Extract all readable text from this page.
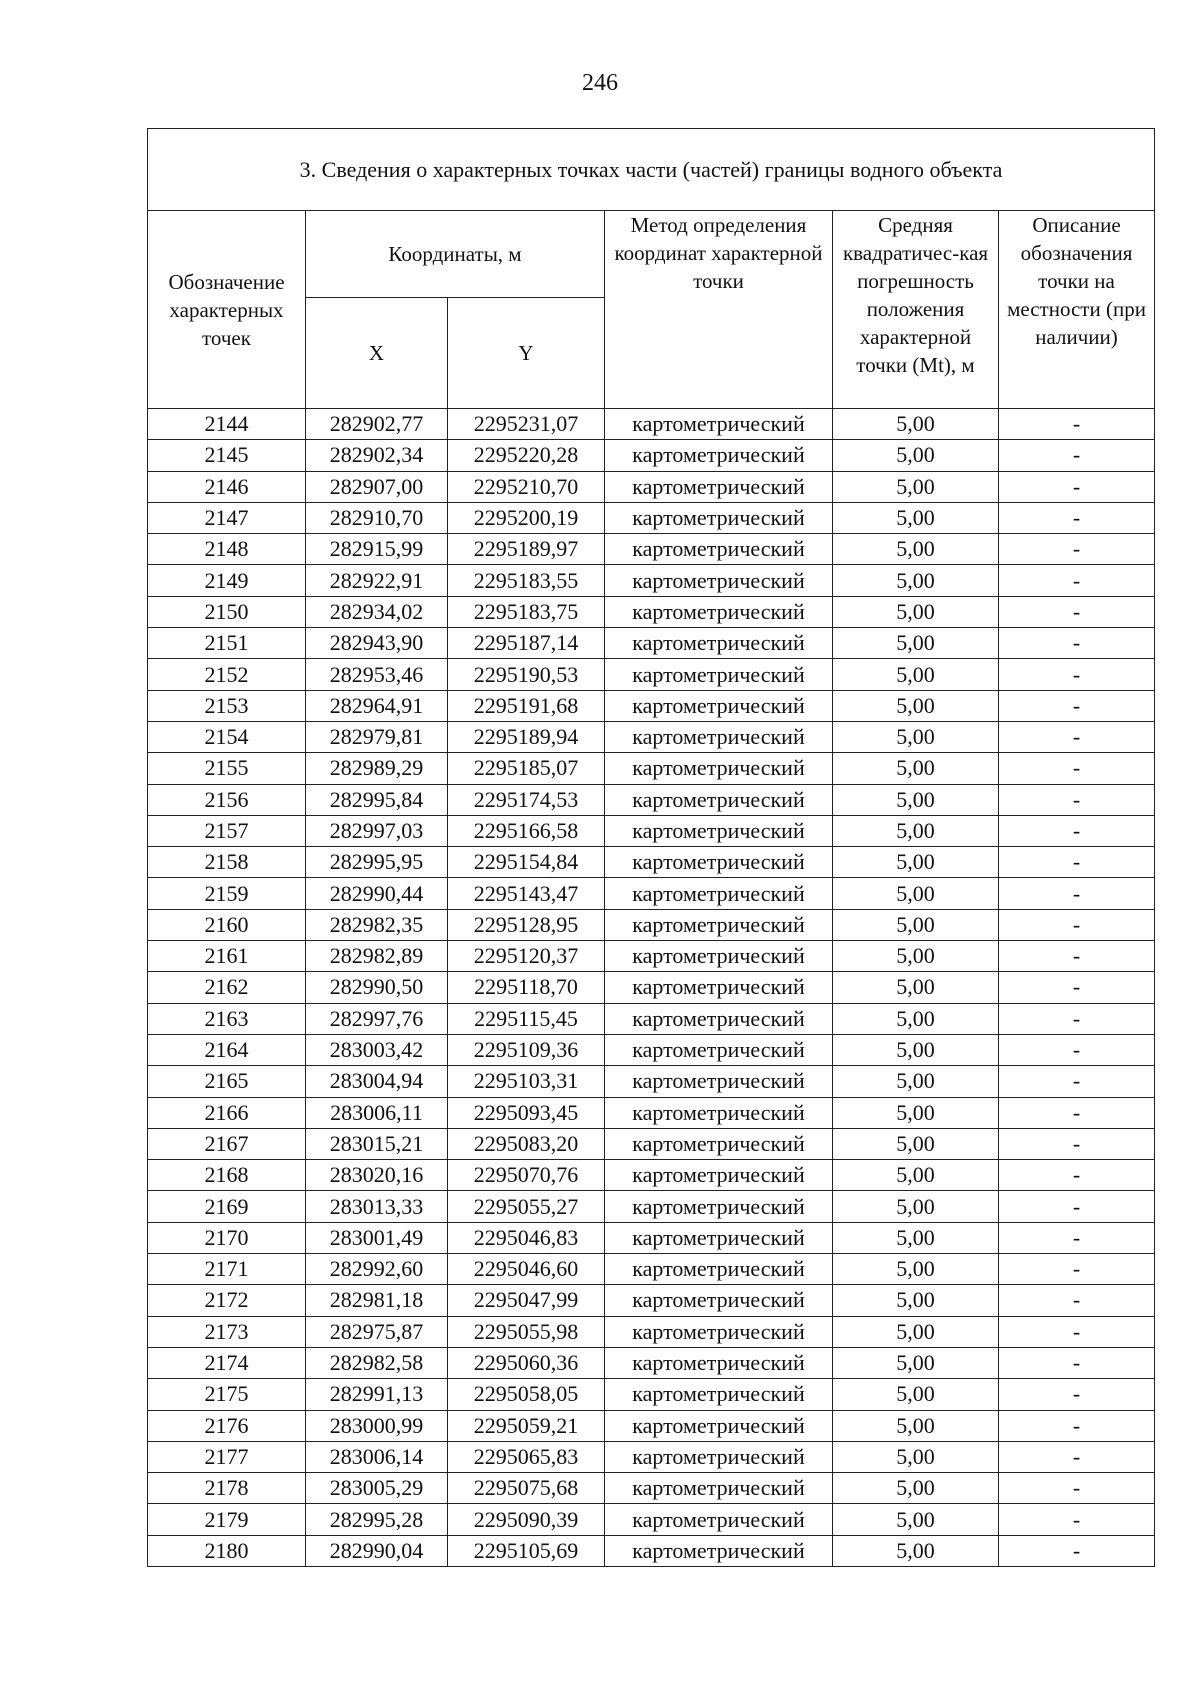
246
3. Сведения о характерных точках части (частей) границы водного объекта					
Обозначение характерных точек	Координаты, м		Метод определения координат характерной точки	Средняя квадратичес-кая погрешность положения характерной точки (Mt), м	Описание обозначения точки на местности (при наличии)
	X	Y			
2144	282902,77	2295231,07	картометрический	5,00	-
2145	282902,34	2295220,28	картометрический	5,00	-
2146	282907,00	2295210,70	картометрический	5,00	-
2147	282910,70	2295200,19	картометрический	5,00	-
2148	282915,99	2295189,97	картометрический	5,00	-
2149	282922,91	2295183,55	картометрический	5,00	-
2150	282934,02	2295183,75	картометрический	5,00	-
2151	282943,90	2295187,14	картометрический	5,00	-
2152	282953,46	2295190,53	картометрический	5,00	-
2153	282964,91	2295191,68	картометрический	5,00	-
2154	282979,81	2295189,94	картометрический	5,00	-
2155	282989,29	2295185,07	картометрический	5,00	-
2156	282995,84	2295174,53	картометрический	5,00	-
2157	282997,03	2295166,58	картометрический	5,00	-
2158	282995,95	2295154,84	картометрический	5,00	-
2159	282990,44	2295143,47	картометрический	5,00	-
2160	282982,35	2295128,95	картометрический	5,00	-
2161	282982,89	2295120,37	картометрический	5,00	-
2162	282990,50	2295118,70	картометрический	5,00	-
2163	282997,76	2295115,45	картометрический	5,00	-
2164	283003,42	2295109,36	картометрический	5,00	-
2165	283004,94	2295103,31	картометрический	5,00	-
2166	283006,11	2295093,45	картометрический	5,00	-
2167	283015,21	2295083,20	картометрический	5,00	-
2168	283020,16	2295070,76	картометрический	5,00	-
2169	283013,33	2295055,27	картометрический	5,00	-
2170	283001,49	2295046,83	картометрический	5,00	-
2171	282992,60	2295046,60	картометрический	5,00	-
2172	282981,18	2295047,99	картометрический	5,00	-
2173	282975,87	2295055,98	картометрический	5,00	-
2174	282982,58	2295060,36	картометрический	5,00	-
2175	282991,13	2295058,05	картометрический	5,00	-
2176	283000,99	2295059,21	картометрический	5,00	-
2177	283006,14	2295065,83	картометрический	5,00	-
2178	283005,29	2295075,68	картометрический	5,00	-
2179	282995,28	2295090,39	картометрический	5,00	-
2180	282990,04	2295105,69	картометрический	5,00	-
